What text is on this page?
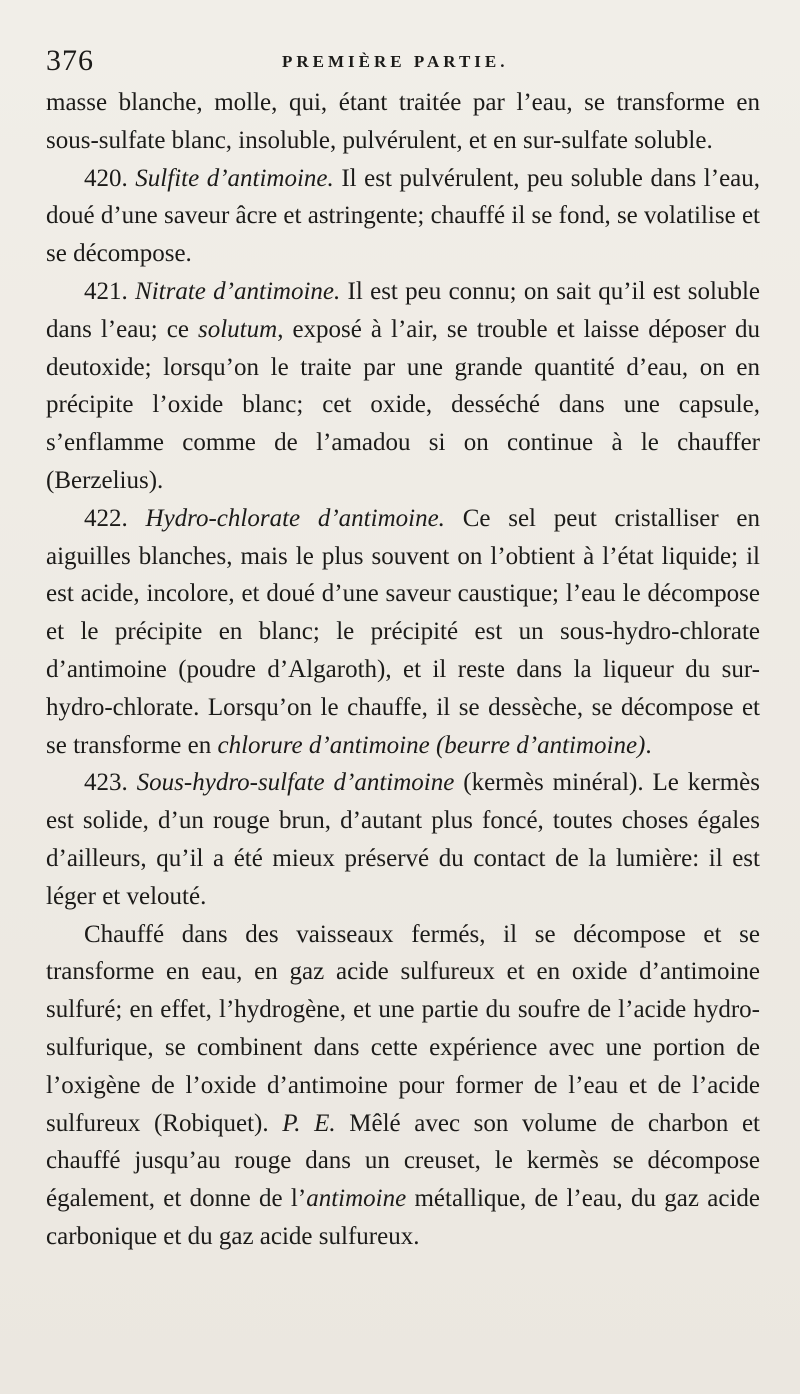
376	PREMIÈRE PARTIE.

masse blanche, molle, qui, étant traitée par l’eau, se transforme en sous-sulfate blanc, insoluble, pulvérulent, et en sur-sulfate soluble.

420. Sulfite d’antimoine. Il est pulvérulent, peu soluble dans l’eau, doué d’une saveur âcre et astringente; chauffé il se fond, se volatilise et se décompose.

421. Nitrate d’antimoine. Il est peu connu; on sait qu’il est soluble dans l’eau; ce solutum, exposé à l’air, se trouble et laisse déposer du deutoxide; lorsqu’on le traite par une grande quantité d’eau, on en précipite l’oxide blanc; cet oxide, desséché dans une capsule, s’enflamme comme de l’amadou si on continue à le chauffer (Berzelius).

422. Hydro-chlorate d’antimoine. Ce sel peut cristalliser en aiguilles blanches, mais le plus souvent on l’obtient à l’état liquide; il est acide, incolore, et doué d’une saveur caustique; l’eau le décompose et le précipite en blanc; le précipité est un sous-hydro-chlorate d’antimoine (poudre d’Algaroth), et il reste dans la liqueur du sur-hydro-chlorate. Lorsqu’on le chauffe, il se dessèche, se décompose et se transforme en chlorure d’antimoine (beurre d’antimoine).

423. Sous-hydro-sulfate d’antimoine (kermès minéral). Le kermès est solide, d’un rouge brun, d’autant plus foncé, toutes choses égales d’ailleurs, qu’il a été mieux préservé du contact de la lumière: il est léger et velouté.

Chauffé dans des vaisseaux fermés, il se décompose et se transforme en eau, en gaz acide sulfureux et en oxide d’antimoine sulfuré; en effet, l’hydrogène, et une partie du soufre de l’acide hydro-sulfurique, se combinent dans cette expérience avec une portion de l’oxigène de l’oxide d’antimoine pour former de l’eau et de l’acide sulfureux (Robiquet). P. E. Mêlé avec son volume de charbon et chauffé jusqu’au rouge dans un creuset, le kermès se décompose également, et donne de l’antimoine métallique, de l’eau, du gaz acide carbonique et du gaz acide sulfureux.
